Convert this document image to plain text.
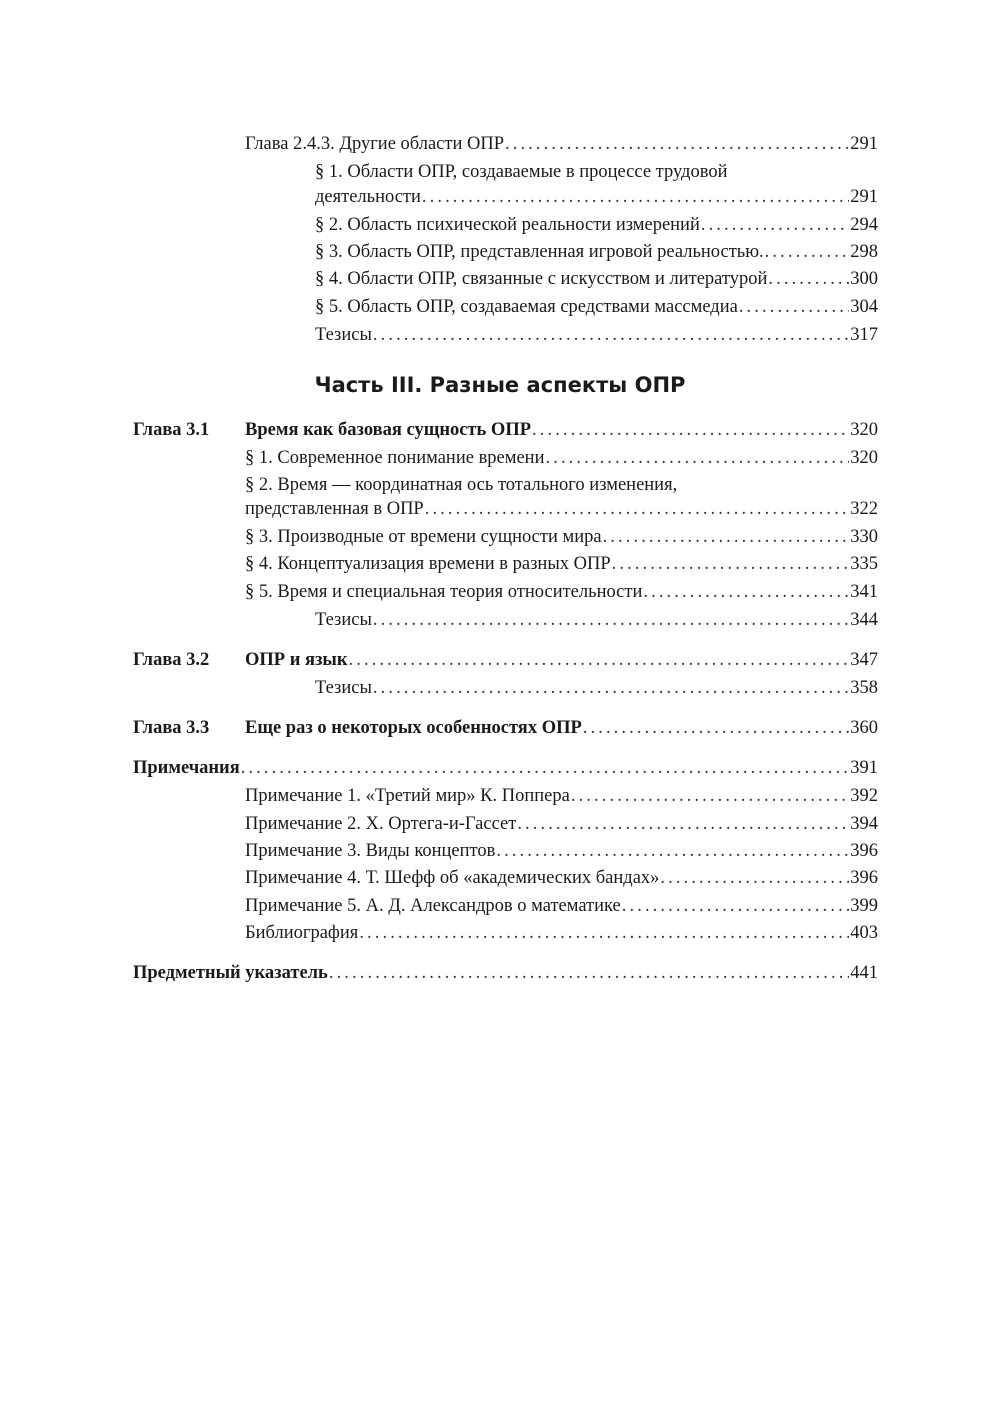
Глава 2.4.3. Другие области ОПР .....	291
§ 1. Области ОПР, создаваемые в процессе трудовой
деятельности .....	291
§ 2. Область психической реальности измерений .....	294
§ 3. Область ОПР, представленная игровой реальностью. .....	298
§ 4. Области ОПР, связанные с искусством и литературой .....	300
§ 5. Область ОПР, создаваемая средствами массмедиа .....	304
Тезисы .....	317
Часть III. Разные аспекты ОПР
Глава 3.1 Время как базовая сущность ОПР .....	320
§ 1. Современное понимание времени .....	320
§ 2. Время — координатная ось тотального изменения,
представленная в ОПР .....	322
§ 3. Производные от времени сущности мира .....	330
§ 4. Концептуализация времени в разных ОПР .....	335
§ 5. Время и специальная теория относительности .....	341
Тезисы .....	344
Глава 3.2 ОПР и язык .....	347
Тезисы .....	358
Глава 3.3 Еще раз о некоторых особенностях ОПР .....	360
Примечания .....	391
Примечание 1. «Третий мир» К. Поппера .....	392
Примечание 2. Х. Ортега-и-Гассет .....	394
Примечание 3. Виды концептов .....	396
Примечание 4. Т. Шефф об «академических бандах» .....	396
Примечание 5. А. Д. Александров о математике .....	399
Библиография .....	403
Предметный указатель .....	441
